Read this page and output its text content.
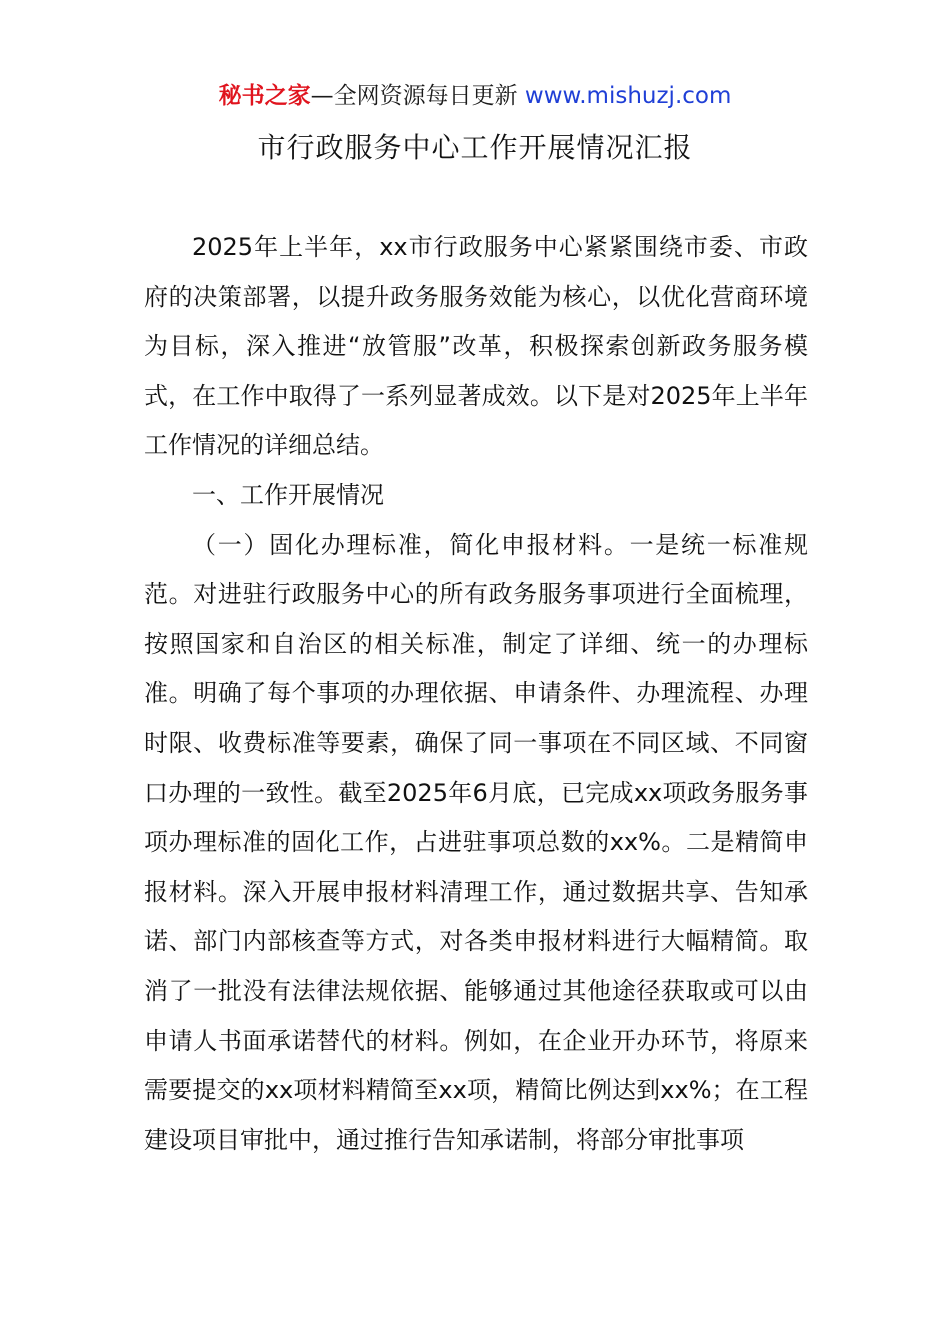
秘书之家—全网资源每日更新 www.mishuzj.com
市行政服务中心工作开展情况汇报

2025年上半年，xx市行政服务中心紧紧围绕市委、市政府的决策部署，以提升政务服务效能为核心，以优化营商环境为目标，深入推进“放管服”改革，积极探索创新政务服务模式，在工作中取得了一系列显著成效。以下是对2025年上半年工作情况的详细总结。

一、工作开展情况

（一）固化办理标准，简化申报材料。一是统一标准规范。对进驻行政服务中心的所有政务服务事项进行全面梳理，按照国家和自治区的相关标准，制定了详细、统一的办理标准。明确了每个事项的办理依据、申请条件、办理流程、办理时限、收费标准等要素，确保了同一事项在不同区域、不同窗口办理的一致性。截至2025年6月底，已完成xx项政务服务事项办理标准的固化工作，占进驻事项总数的xx%。二是精简申报材料。深入开展申报材料清理工作，通过数据共享、告知承诺、部门内部核查等方式，对各类申报材料进行大幅精简。取消了一批没有法律法规依据、能够通过其他途径获取或可以由申请人书面承诺替代的材料。例如，在企业开办环节，将原来需要提交的xx项材料精简至xx项，精简比例达到xx%；在工程建设项目审批中，通过推行告知承诺制，将部分审批事项
